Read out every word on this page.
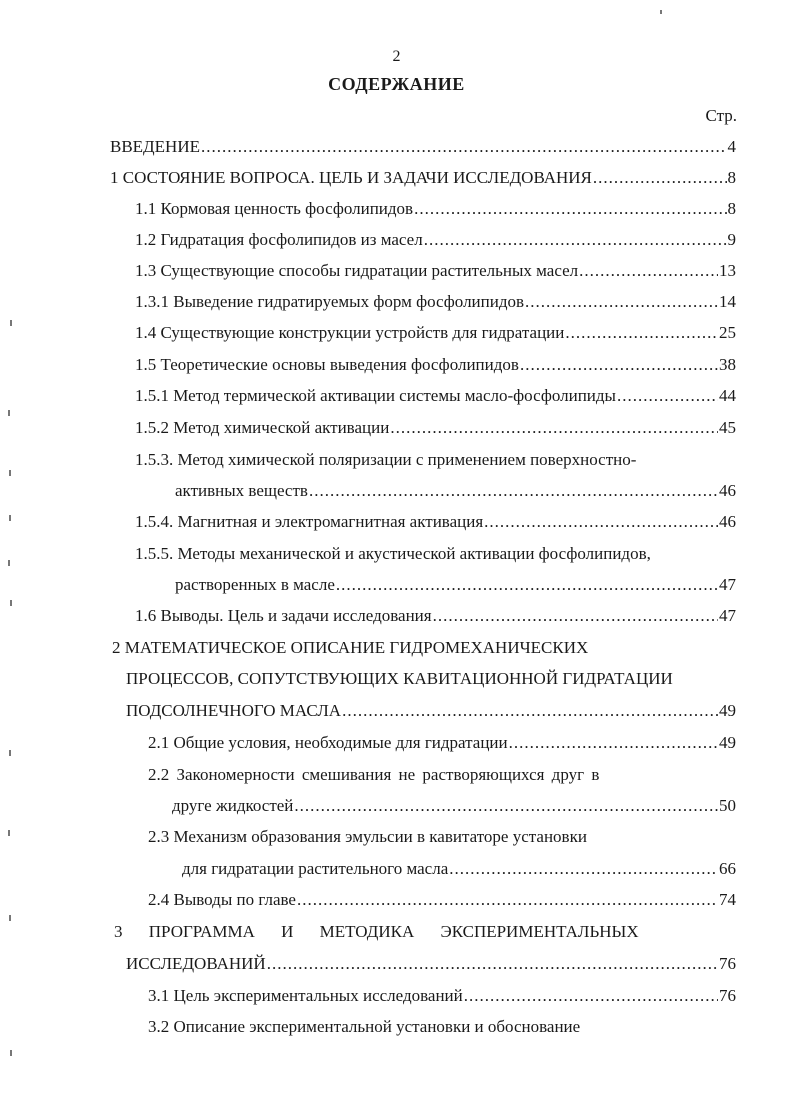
2
СОДЕРЖАНИЕ
Стр.
ВВЕДЕНИЕ .....	4
1 СОСТОЯНИЕ ВОПРОСА. ЦЕЛЬ И ЗАДАЧИ ИССЛЕДОВАНИЯ .....	8
1.1 Кормовая ценность фосфолипидов .....	8
1.2 Гидратация фосфолипидов из масел .....	9
1.3 Существующие способы гидратации растительных масел .....	13
1.3.1 Выведение гидратируемых форм фосфолипидов .....	14
1.4 Существующие конструкции устройств для гидратации .....	25
1.5 Теоретические основы выведения фосфолипидов .....	38
1.5.1 Метод термической активации системы масло-фосфолипиды .....	44
1.5.2 Метод химической активации .....	45
1.5.3. Метод химической поляризации с применением поверхностно-
активных веществ .....	46
1.5.4. Магнитная и электромагнитная активация .....	46
1.5.5. Методы механической и акустической активации фосфолипидов,
растворенных в масле .....	47
1.6 Выводы. Цель и задачи исследования .....	47
2 МАТЕМАТИЧЕСКОЕ ОПИСАНИЕ ГИДРОМЕХАНИЧЕСКИХ
ПРОЦЕССОВ, СОПУТСТВУЮЩИХ КАВИТАЦИОННОЙ ГИДРАТАЦИИ
ПОДСОЛНЕЧНОГО МАСЛА .....	49
2.1 Общие условия, необходимые для гидратации .....	49
2.2 Закономерности смешивания не растворяющихся друг в
друге жидкостей .....	50
2.3 Механизм образования эмульсии в кавитаторе установки
для гидратации растительного масла .....	66
2.4 Выводы по главе .....	74
3 ПРОГРАММА И МЕТОДИКА ЭКСПЕРИМЕНТАЛЬНЫХ
ИССЛЕДОВАНИЙ .....	76
3.1 Цель экспериментальных исследований .....	76
3.2 Описание экспериментальной установки и обоснование
